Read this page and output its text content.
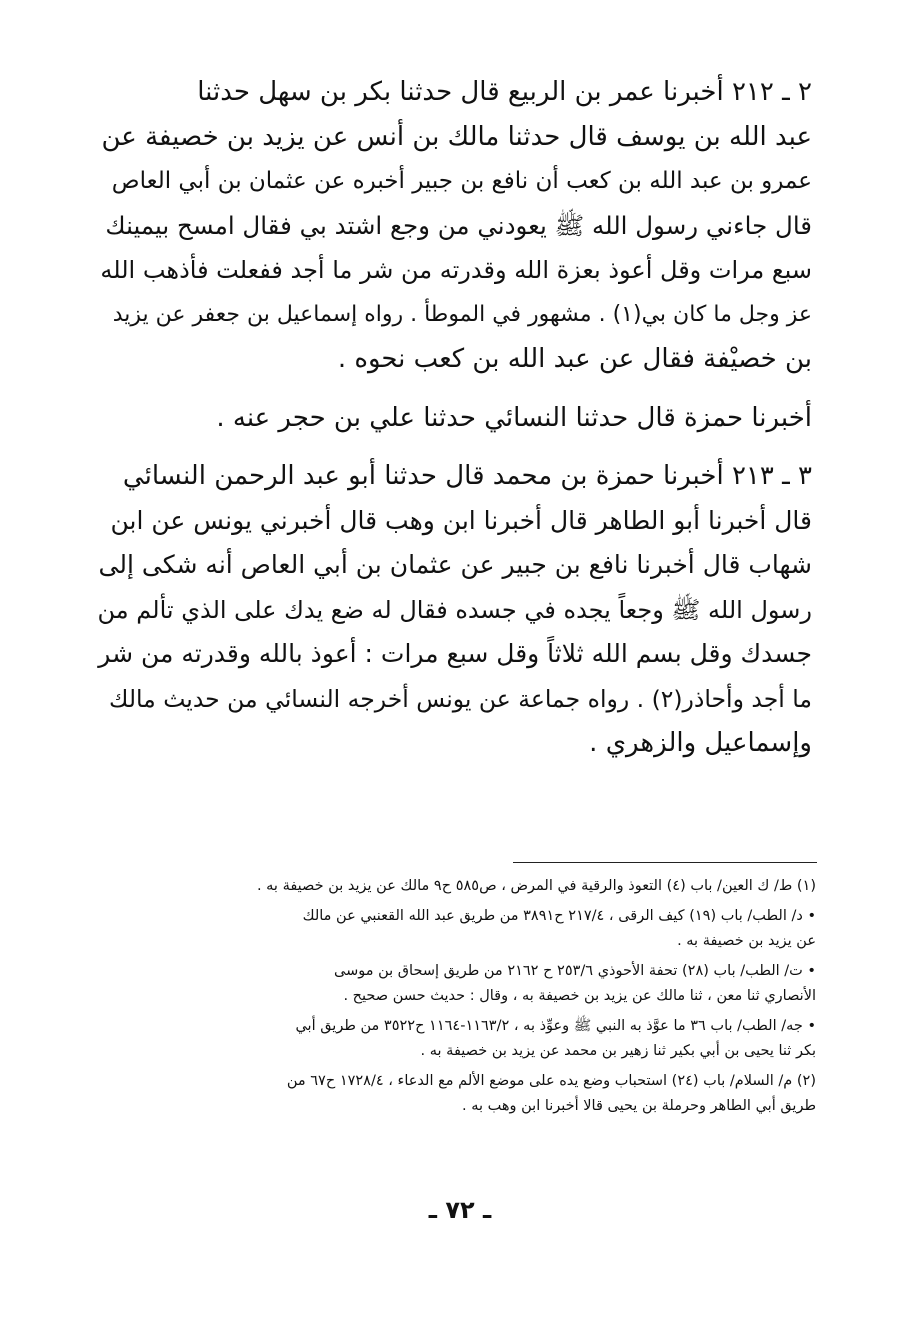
٢ ـ ٢١٢ أخبرنا عمر بن الربيع قال حدثنا بكر بن سهل حدثنا
عبد الله بن يوسف قال حدثنا مالك بن أنس عن يزيد بن خصيفة عن
عمرو بن عبد الله بن كعب أن نافع بن جبير أخبره عن عثمان بن أبي العاص
قال جاءني رسول الله ﷺ يعودني من وجع اشتد بي فقال امسح بيمينك
سبع مرات وقل أعوذ بعزة الله وقدرته من شر ما أجد ففعلت فأذهب الله
عز وجل ما كان بي(١) . مشهور في الموطأ . رواه إسماعيل بن جعفر عن يزيد
بن خصيْفة فقال عن عبد الله بن كعب نحوه .
أخبرنا حمزة قال حدثنا النسائي حدثنا علي بن حجر عنه .
٣ ـ ٢١٣ أخبرنا حمزة بن محمد قال حدثنا أبو عبد الرحمن النسائي
قال أخبرنا أبو الطاهر قال أخبرنا ابن وهب قال أخبرني يونس عن ابن
شهاب قال أخبرنا نافع بن جبير عن عثمان بن أبي العاص أنه شكى إلى
رسول الله ﷺ وجعاً يجده في جسده فقال له ضع يدك على الذي تألم من
جسدك وقل بسم الله ثلاثاً وقل سبع مرات : أعوذ بالله وقدرته من شر
ما أجد وأحاذر(٢) . رواه جماعة عن يونس أخرجه النسائي من حديث مالك
وإسماعيل والزهري .
(١) ط/ ك العين/ باب (٤) التعوذ والرقية في المرض ، ص٥٨٥ ح٩ مالك عن يزيد بن خصيفة به .
• د/ الطب/ باب (١٩) كيف الرقى ، ٢١٧/٤ ح٣٨٩١ من طريق عبد الله القعنبي عن مالك
عن يزيد بن خصيفة به .
• ت/ الطب/ باب (٢٨) تحفة الأحوذي ٢٥٣/٦ ح ٢١٦٢ من طريق إسحاق بن موسى
الأنصاري ثنا معن ، ثنا مالك عن يزيد بن خصيفة به ، وقال : حديث حسن صحيح .
• جه/ الطب/ باب ٣٦ ما عوَّذ به النبي ﷺ وعوِّذ به ، ١١٦٣/٢-١١٦٤ ح٣٥٢٢ من طريق أبي
بكر ثنا يحيى بن أبي بكير ثنا زهير بن محمد عن يزيد بن خصيفة به .
(٢) م/ السلام/ باب (٢٤) استحباب وضع يده على موضع الألم مع الدعاء ، ١٧٢٨/٤ ح٦٧ من
طريق أبي الطاهر وحرملة بن يحيى قالا أخبرنا ابن وهب به .
ـ ٧٢ ـ
